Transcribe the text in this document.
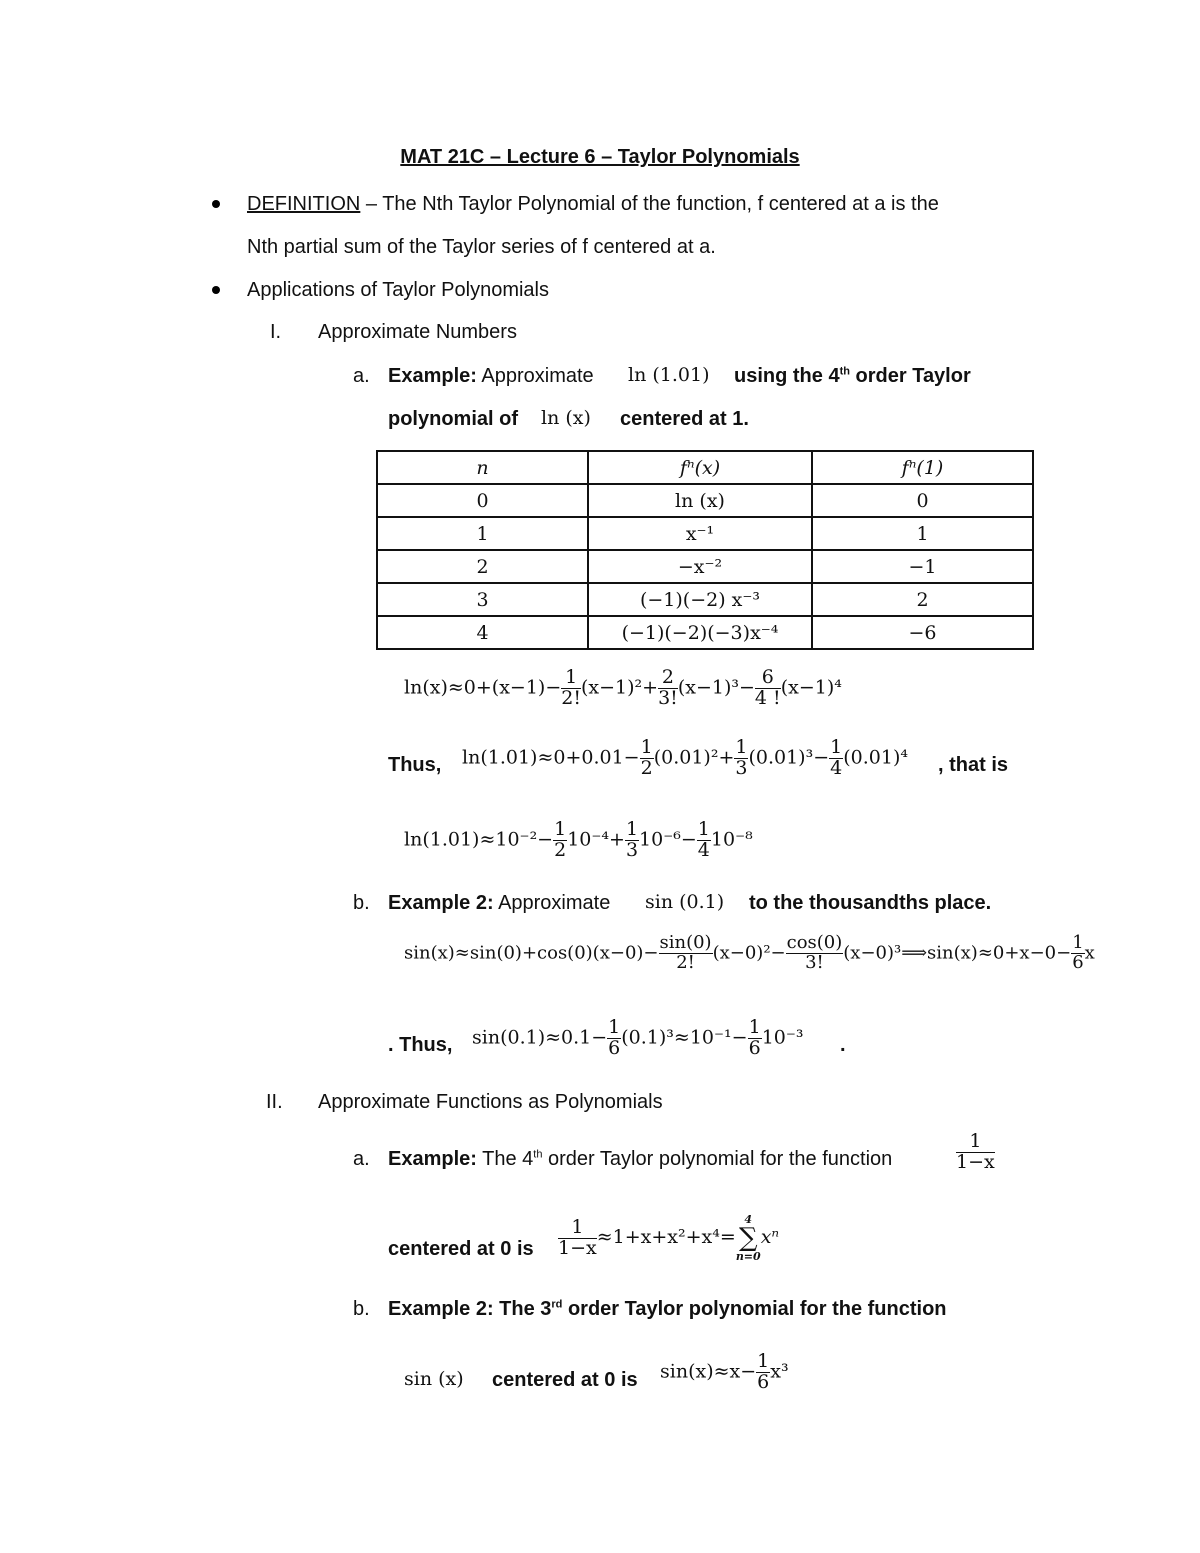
MAT 21C – Lecture 6 – Taylor Polynomials
DEFINITION – The Nth Taylor Polynomial of the function, f centered at a is the
Nth partial sum of the Taylor series of f centered at a.
Applications of Taylor Polynomials
I. Approximate Numbers
a. Example: Approximate ln (1.01) using the 4th order Taylor
polynomial of ln (x) centered at 1.
n	fⁿ(x)	fⁿ(1)
0	ln (x)	0
1	x⁻¹	1
2	−x⁻²	−1
3	(−1)(−2) x⁻³	2
4	(−1)(−2)(−3)x⁻⁴	−6
$\ln(x)\approx 0+(x-1)- \frac{1}{2!} (x-1)^2+ \frac{2}{3!} (x-1)^3- \frac{6}{4 !} (x-1)^4$
Thus, $\ln(1.01)\approx 0+0.01- \frac{1}{2} (0.01)^2+ \frac{1}{3} (0.01)^3- \frac{1}{4} (0.01)^4$ , that is
$\ln(1.01)\approx 10^{-2}- \frac{1}{2} 10^{-4}+ \frac{1}{3} 10^{-6}- \frac{1}{4} 10^{-8}$
b. Example 2: Approximate sin (0.1) to the thousandths place.
$\sin(x)\approx\sin(0)+\cos(0)(x-0)- \frac{\sin(0)}{2!} (x-0)^2- \frac{\cos(0)}{3!}$ (x−0)³⟹sin(x)≈0+x−0− $\frac{1}{6}$ x
. Thus, $\sin(0.1)\approx 0.1- \frac{1}{6} (0.1)^3\approx 10^{-1}- \frac{1}{6} 10^{-3}$ .
II. Approximate Functions as Polynomials
a. Example: The 4th order Taylor polynomial for the function	$\frac{1}{1-x}$
centered at 0 is $\frac{1}{1-x} \approx 1+x+x^2+x^4=$
4
∑
n=0
xⁿ
b. Example 2: The 3rd order Taylor polynomial for the function
sin (x) centered at 0 is $\sin(x)\approx x- \frac{1}{6} x^3$
